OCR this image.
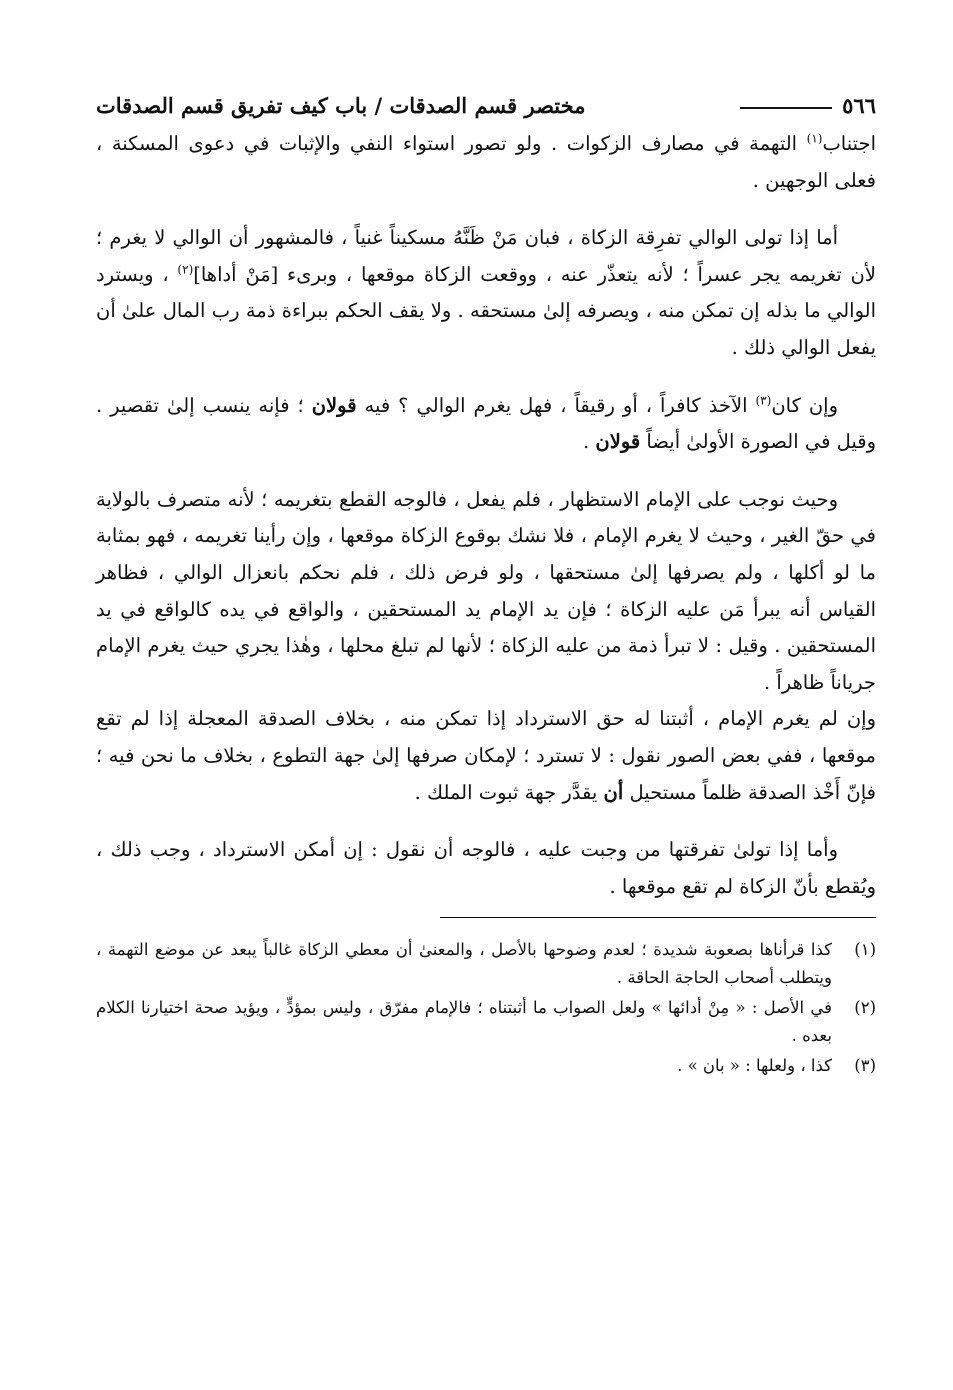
٥٦٦
مختصر قسم الصدقات / باب كيف تفريق قسم الصدقات

اجتناب$^{(١)}$ التهمة في مصارف الزكوات . ولو تصور استواء النفي والإثبات في دعوى المسكنة ، فعلى الوجهين .

أما إذا تولى الوالي تفرِقة الزكاة ، فبان مَنْ ظَنَّهُ مسكيناً غنياً ، فالمشهور أن الوالي لا يغرم ؛ لأن تغريمه يجر عسراً ؛ لأنه يتعذّر عنه ، ووقعت الزكاة موقعها ، وبرىء [مَنْ أداها]$^{(٢)}$ ، ويسترد الوالي ما بذله إن تمكن منه ، ويصرفه إلىٰ مستحقه . ولا يقف الحكم ببراءة ذمة رب المال علىٰ أن يفعل الوالي ذلك .

وإن كان$^{(٣)}$ الآخذ كافراً ، أو رقيقاً ، فهل يغرم الوالي ؟ فيه قولان ؛ فإنه ينسب إلىٰ تقصير . وقيل في الصورة الأولىٰ أيضاً قولان .

وحيث نوجب على الإمام الاستظهار ، فلم يفعل ، فالوجه القطع بتغريمه ؛ لأنه متصرف بالولاية في حقّ الغير ، وحيث لا يغرم الإمام ، فلا نشك بوقوع الزكاة موقعها ، وإن رأينا تغريمه ، فهو بمثابة ما لو أكلها ، ولم يصرفها إلىٰ مستحقها ، ولو فرض ذلك ، فلم نحكم بانعزال الوالي ، فظاهر القياس أنه يبرأ مَن عليه الزكاة ؛ فإن يد الإمام يد المستحقين ، والواقع في يده كالواقع في يد المستحقين . وقيل : لا تبرأ ذمة من عليه الزكاة ؛ لأنها لم تبلغ محلها ، وهٰذا يجري حيث يغرم الإمام جرياناً ظاهراً .

وإن لم يغرم الإمام ، أثبتنا له حق الاسترداد إذا تمكن منه ، بخلاف الصدقة المعجلة إذا لم تقع موقعها ، ففي بعض الصور نقول : لا تسترد ؛ لإمكان صرفها إلىٰ جهة التطوع ، بخلاف ما نحن فيه ؛ فإنّ أَخْذ الصدقة ظلماً مستحيل أن يقدَّر جهة ثبوت الملك .

وأما إذا تولىٰ تفرقتها من وجبت عليه ، فالوجه أن نقول : إن أمكن الاسترداد ، وجب ذلك ، ويُقطع بأنّ الزكاة لم تقع موقعها .

(١)
كذا قرأناها بصعوبة شديدة ؛ لعدم وضوحها بالأصل ، والمعنىٰ أن معطي الزكاة غالباً يبعد عن موضع التهمة ، ويتطلب أصحاب الحاجة الحاقة .
(٢)
في الأصل : « مِنْ أدائها » ولعل الصواب ما أثبتناه ؛ فالإمام مفرّق ، وليس بمؤدٍّ ، ويؤيد صحة اختيارنا الكلام بعده .
(٣)
كذا ، ولعلها : « بان » .
